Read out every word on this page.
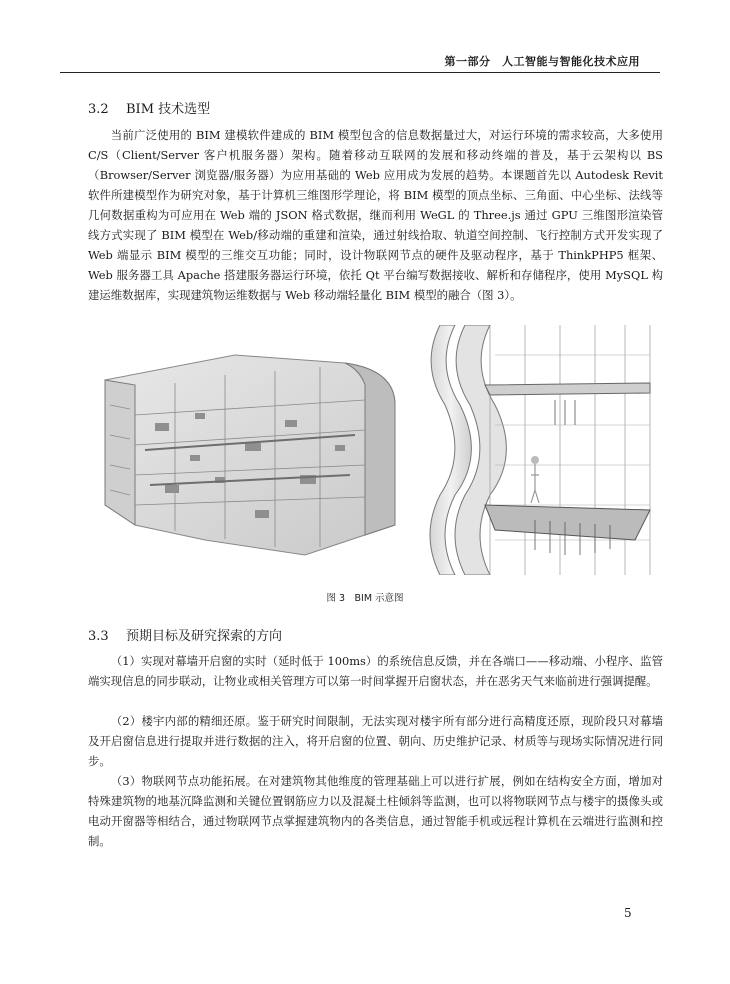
第一部分　人工智能与智能化技术应用
3.2 BIM 技术选型

当前广泛使用的 BIM 建模软件建成的 BIM 模型包含的信息数据量过大，对运行环境的需求较高，大多使用 C/S（Client/Server 客户机服务器）架构。随着移动互联网的发展和移动终端的普及，基于云架构以 BS（Browser/Server 浏览器/服务器）为应用基础的 Web 应用成为发展的趋势。本课题首先以 Autodesk Revit 软件所建模型作为研究对象，基于计算机三维图形学理论，将 BIM 模型的顶点坐标、三角面、中心坐标、法线等几何数据重构为可应用在 Web 端的 JSON 格式数据，继而利用 WeGL 的 Three.js 通过 GPU 三维图形渲染管线方式实现了 BIM 模型在 Web/移动端的重建和渲染，通过射线拾取、轨道空间控制、飞行控制方式开发实现了 Web 端显示 BIM 模型的三维交互功能；同时，设计物联网节点的硬件及驱动程序，基于 ThinkPHP5 框架、Web 服务器工具 Apache 搭建服务器运行环境，依托 Qt 平台编写数据接收、解析和存储程序，使用 MySQL 构建运维数据库，实现建筑物运维数据与 Web 移动端轻量化 BIM 模型的融合（图 3）。

图 3　BIM 示意图
3.3 预期目标及研究探索的方向

（1）实现对幕墙开启窗的实时（延时低于 100ms）的系统信息反馈，并在各端口——移动端、小程序、监管端实现信息的同步联动，让物业或相关管理方可以第一时间掌握开启窗状态，并在恶劣天气来临前进行强调提醒。

（2）楼宇内部的精细还原。鉴于研究时间限制，无法实现对楼宇所有部分进行高精度还原，现阶段只对幕墙及开启窗信息进行提取并进行数据的注入，将开启窗的位置、朝向、历史维护记录、材质等与现场实际情况进行同步。

（3）物联网节点功能拓展。在对建筑物其他维度的管理基础上可以进行扩展，例如在结构安全方面，增加对特殊建筑物的地基沉降监测和关键位置钢筋应力以及混凝土柱倾斜等监测，也可以将物联网节点与楼宇的摄像头或电动开窗器等相结合，通过物联网节点掌握建筑物内的各类信息，通过智能手机或远程计算机在云端进行监测和控制。

5
